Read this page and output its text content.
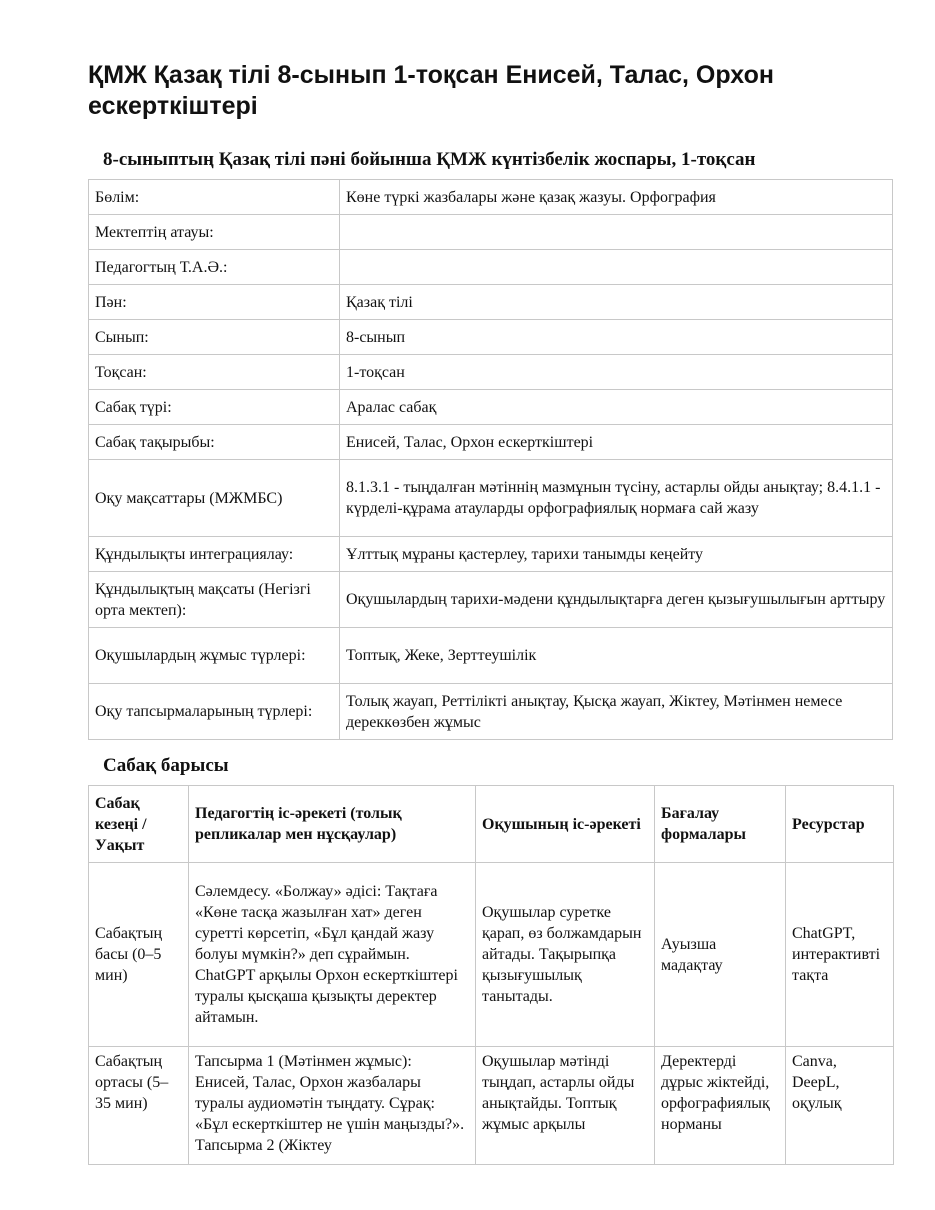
ҚМЖ Қазақ тілі 8-сынып 1-тоқсан Енисей, Талас, Орхон ескерткіштері
8-сыныптың Қазақ тілі пәні бойынша ҚМЖ күнтізбелік жоспары, 1-тоқсан
Бөлім:	Көне түркі жазбалары және қазақ жазуы. Орфография
Мектептің атауы:	
Педагогтың Т.А.Ә.:	
Пән:	Қазақ тілі
Сынып:	8-сынып
Тоқсан:	1-тоқсан
Сабақ түрі:	Аралас сабақ
Сабақ тақырыбы:	Енисей, Талас, Орхон ескерткіштері
Оқу мақсаттары (МЖМБС)	8.1.3.1 - тыңдалған мәтіннің мазмұнын түсіну, астарлы ойды анықтау; 8.4.1.1 - күрделі-құрама атауларды орфографиялық нормаға сай жазу
Құндылықты интеграциялау:	Ұлттық мұраны қастерлеу, тарихи танымды кеңейту
Құндылықтың мақсаты (Негізгі орта мектеп):	Оқушылардың тарихи-мәдени құндылықтарға деген қызығушылығын арттыру
Оқушылардың жұмыс түрлері:	Топтық, Жеке, Зерттеушілік
Оқу тапсырмаларының түрлері:	Толық жауап, Реттілікті анықтау, Қысқа жауап, Жіктеу, Мәтінмен немесе дереккөзбен жұмыс
Сабақ барысы
Сабақ кезеңі / Уақыт	Педагогтің іс-әрекеті (толық репликалар мен нұсқаулар)	Оқушының іс-әрекеті	Бағалау формалары	Ресурстар
Сабақтың басы (0–5 мин)	Сәлемдесу. «Болжау» әдісі: Тақтаға «Көне тасқа жазылған хат» деген суретті көрсетіп, «Бұл қандай жазу болуы мүмкін?» деп сұраймын. ChatGPT арқылы Орхон ескерткіштері туралы қысқаша қызықты деректер айтамын.	Оқушылар суретке қарап, өз болжамдарын айтады. Тақырыпқа қызығушылық танытады.	Ауызша мадақтау	ChatGPT, интерактивті тақта
Сабақтың ортасы (5–35 мин)	Тапсырма 1 (Мәтінмен жұмыс): Енисей, Талас, Орхон жазбалары туралы аудиомәтін тыңдату. Сұрақ: «Бұл ескерткіштер не үшін маңызды?». Тапсырма 2 (Жіктеу	Оқушылар мәтінді тыңдап, астарлы ойды анықтайды. Топтық жұмыс арқылы	Деректерді дұрыс жіктейді, орфографиялық норманы	Canva, DeepL, оқулық
